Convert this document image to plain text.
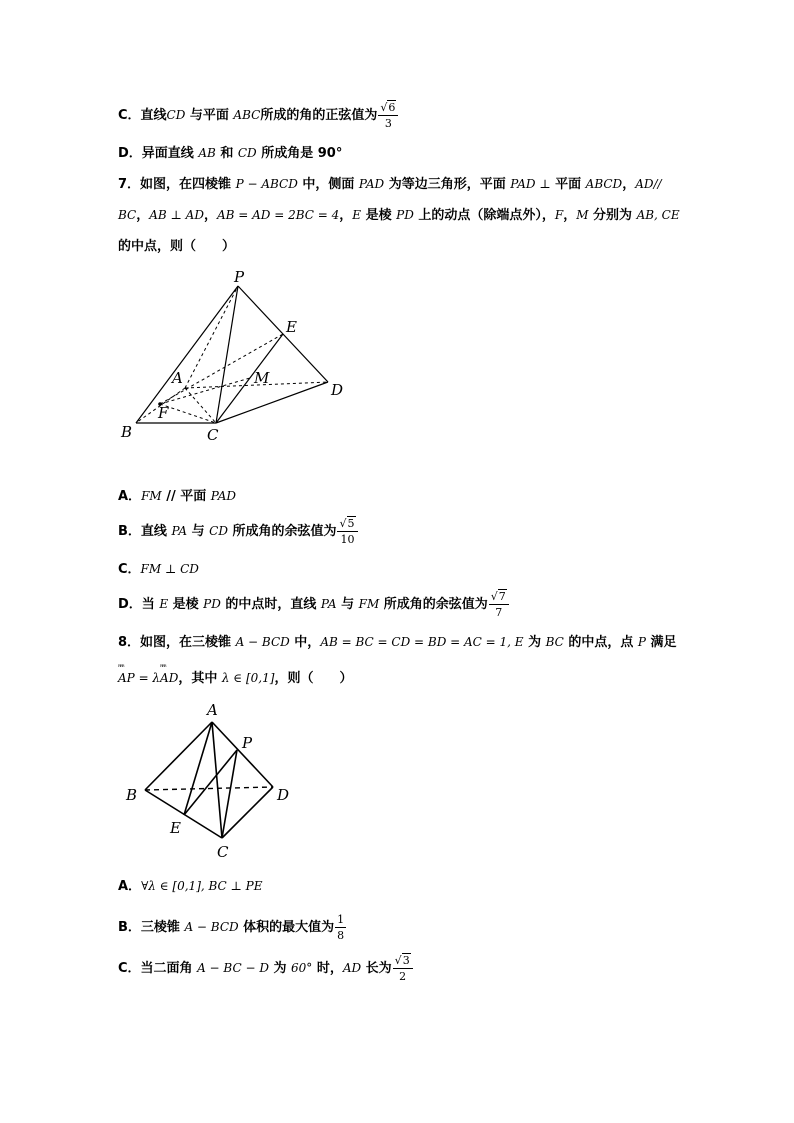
C．直线CD 与平面 ABC所成的角的正弦值为 $\frac{√6}{3}$
D．异面直线 AB 和 CD 所成角是 90°
7．如图，在四棱锥 P − ABCD 中，侧面 PAD 为等边三角形，平面 PAD ⊥ 平面 ABCD，AD//
BC，AB ⊥ AD，AB = AD = 2BC = 4，E 是棱 PD 上的动点（除端点外），F，M 分别为 AB, CE
的中点，则（　　）
P
E
A	M
D
F
B	C
A．FM // 平面 PAD
B．直线 PA 与 CD 所成角的余弦值为 $\frac{√5}{10}$
C．FM ⊥ CD
D．当 E 是棱 PD 的中点时，直线 PA 与 FM 所成角的余弦值为 $\frac{√7}{7}$
8．如图，在三棱锥 A − BCD 中，AB = BC = CD = BD = AC = 1, E 为 BC 的中点，点 P 满足
ᴿᴿᴿ
AP = λ
ᴿᴿᴿ
AD，其中 λ ∈ [0,1]，则（　　）
A
P
B	D
E
C
A．∀λ ∈ [0,1], BC ⊥ PE
B．三棱锥 A − BCD 体积的最大值为 $\frac{1}{8}$
C．当二面角 A − BC − D 为 60° 时，AD 长为 $\frac{√3}{2}$
